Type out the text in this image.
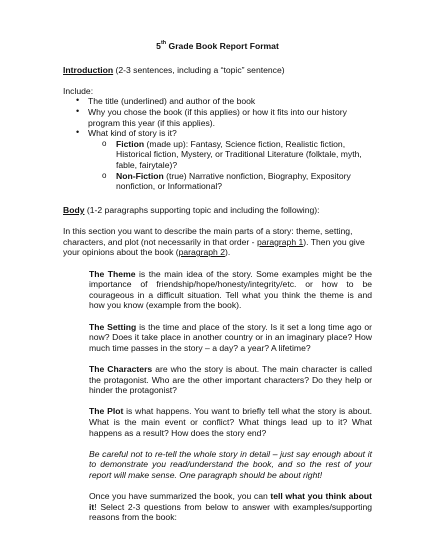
5th Grade Book Report Format

Introduction (2-3 sentences, including a “topic” sentence)

Include:

• The title (underlined) and author of the book
• Why you chose the book (if this applies) or how it fits into our history program this year (if this applies).
• What kind of story is it?
o Fiction (made up): Fantasy, Science fiction, Realistic fiction, Historical fiction, Mystery, or Traditional Literature (folktale, myth, fable, fairytale)?
o Non-Fiction (true) Narrative nonfiction, Biography, Expository nonfiction, or Informational?

Body (1-2 paragraphs supporting topic and including the following):

In this section you want to describe the main parts of a story: theme, setting, characters, and plot (not necessarily in that order - paragraph 1). Then you give your opinions about the book (paragraph 2).

The Theme is the main idea of the story. Some examples might be the importance of friendship/hope/honesty/integrity/etc. or how to be courageous in a difficult situation. Tell what you think the theme is and how you know (example from the book).

The Setting is the time and place of the story. Is it set a long time ago or now? Does it take place in another country or in an imaginary place? How much time passes in the story – a day? a year? A lifetime?

The Characters are who the story is about. The main character is called the protagonist. Who are the other important characters? Do they help or hinder the protagonist?

The Plot is what happens. You want to briefly tell what the story is about. What is the main event or conflict? What things lead up to it? What happens as a result? How does the story end?

Be careful not to re-tell the whole story in detail – just say enough about it to demonstrate you read/understand the book, and so the rest of your report will make sense. One paragraph should be about right!

Once you have summarized the book, you can tell what you think about it! Select 2-3 questions from below to answer with examples/supporting reasons from the book:
